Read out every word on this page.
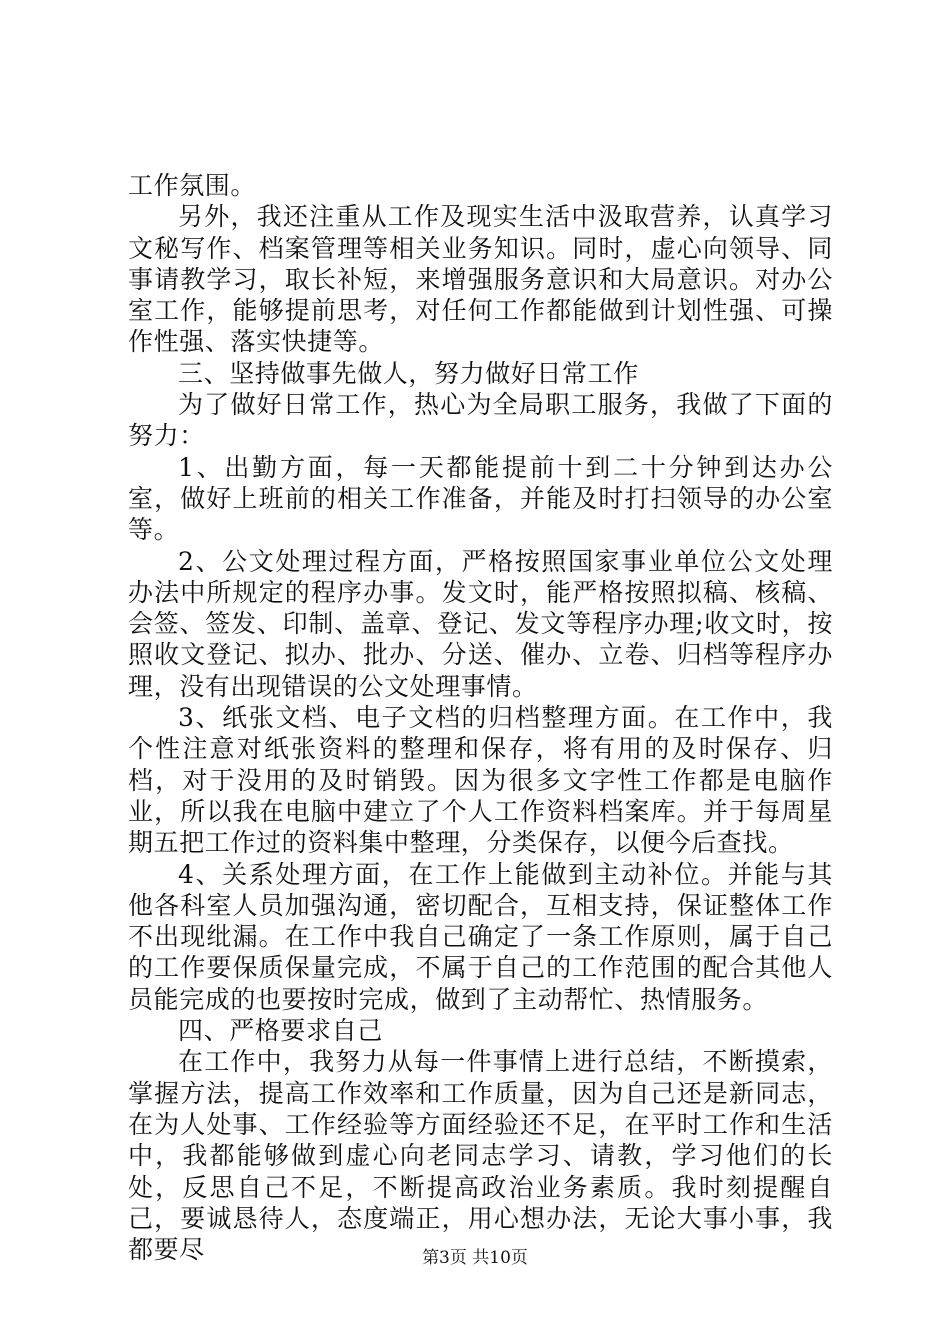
工作氛围。

另外，我还注重从工作及现实生活中汲取营养，认真学习文秘写作、档案管理等相关业务知识。同时，虚心向领导、同事请教学习，取长补短，来增强服务意识和大局意识。对办公室工作，能够提前思考，对任何工作都能做到计划性强、可操作性强、落实快捷等。

三、坚持做事先做人，努力做好日常工作

为了做好日常工作，热心为全局职工服务，我做了下面的努力：

1、出勤方面，每一天都能提前十到二十分钟到达办公室，做好上班前的相关工作准备，并能及时打扫领导的办公室等。

2、公文处理过程方面，严格按照国家事业单位公文处理办法中所规定的程序办事。发文时，能严格按照拟稿、核稿、会签、签发、印制、盖章、登记、发文等程序办理;收文时，按照收文登记、拟办、批办、分送、催办、立卷、归档等程序办理，没有出现错误的公文处理事情。

3、纸张文档、电子文档的归档整理方面。在工作中，我个性注意对纸张资料的整理和保存，将有用的及时保存、归档，对于没用的及时销毁。因为很多文字性工作都是电脑作业，所以我在电脑中建立了个人工作资料档案库。并于每周星期五把工作过的资料集中整理，分类保存，以便今后查找。

4、关系处理方面，在工作上能做到主动补位。并能与其他各科室人员加强沟通，密切配合，互相支持，保证整体工作不出现纰漏。在工作中我自己确定了一条工作原则，属于自己的工作要保质保量完成，不属于自己的工作范围的配合其他人员能完成的也要按时完成，做到了主动帮忙、热情服务。

四、严格要求自己

在工作中，我努力从每一件事情上进行总结，不断摸索，掌握方法，提高工作效率和工作质量，因为自己还是新同志，在为人处事、工作经验等方面经验还不足，在平时工作和生活中，我都能够做到虚心向老同志学习、请教，学习他们的长处，反思自己不足，不断提高政治业务素质。我时刻提醒自己，要诚恳待人，态度端正，用心想办法，无论大事小事，我都要尽	第3页 共10页
